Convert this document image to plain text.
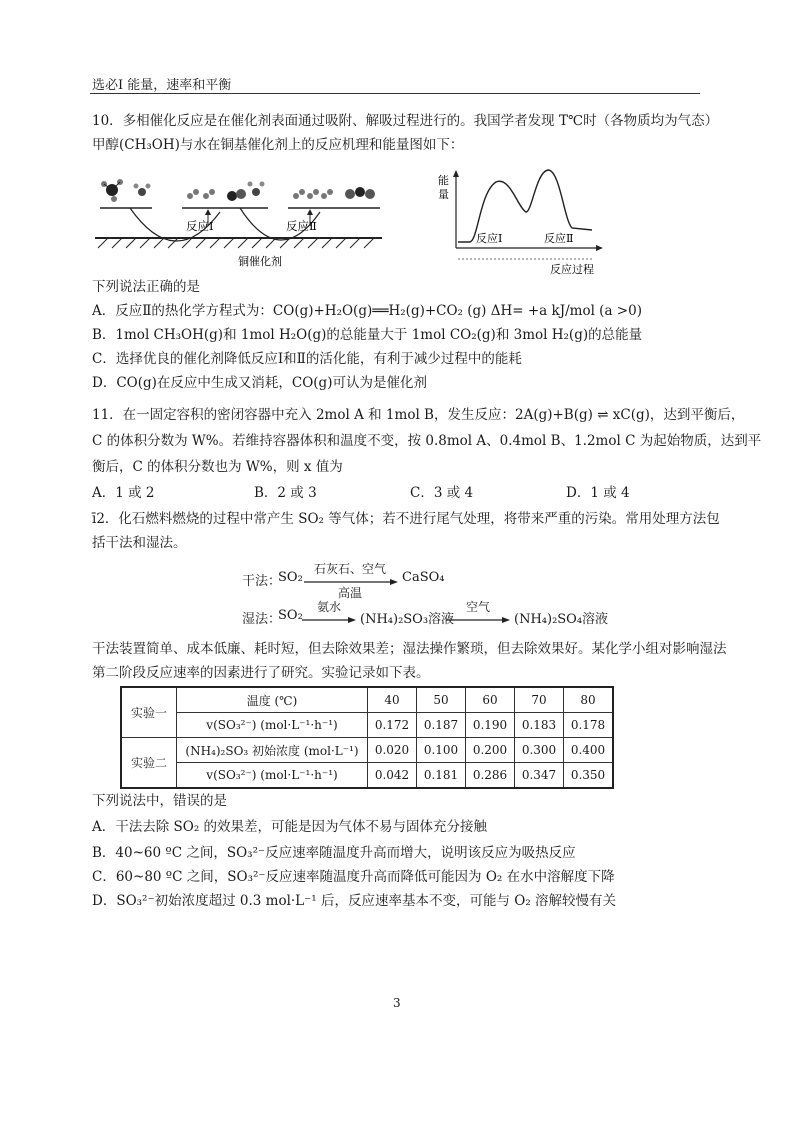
选必Ⅰ 能量，速率和平衡
10．多相催化反应是在催化剂表面通过吸附、解吸过程进行的。我国学者发现 T℃时（各物质均为气态）
甲醇(CH₃OH)与水在铜基催化剂上的反应机理和能量图如下：
反应Ⅰ	反应Ⅱ
铜催化剂
能
量
反应Ⅰ	反应Ⅱ
反应过程
下列说法正确的是
A．反应Ⅱ的热化学方程式为：CO(g)+H₂O(g)══H₂(g)+CO₂ (g) ΔH= +a kJ/mol (a >0)
B．1mol CH₃OH(g)和 1mol H₂O(g)的总能量大于 1mol CO₂(g)和 3mol H₂(g)的总能量
C．选择优良的催化剂降低反应Ⅰ和Ⅱ的活化能，有利于减少过程中的能耗
D．CO(g)在反应中生成又消耗，CO(g)可认为是催化剂
11．在一固定容积的密闭容器中充入 2mol A 和 1mol B，发生反应：2A(g)+B(g) ⇌ xC(g)，达到平衡后，
C 的体积分数为 W%。若维持容器体积和温度不变，按 0.8mol A、0.4mol B、1.2mol C 为起始物质，达到平
衡后，C 的体积分数也为 W%，则 x 值为
A．1 或 2	B．2 或 3	C．3 或 4	D．1 或 4
ī2．化石燃料燃烧的过程中常产生 SO₂ 等气体；若不进行尾气处理，将带来严重的污染。常用处理方法包
括干法和湿法。
干法：
SO₂
石灰石、空气
高温
CaSO₄
湿法：
SO₂
氨水
(NH₄)₂SO₃溶液
空气
(NH₄)₂SO₄溶液
干法装置简单、成本低廉、耗时短，但去除效果差；湿法操作繁琐，但去除效果好。某化学小组对影响湿法
第二阶段反应速率的因素进行了研究。实验记录如下表。
实验一	温度 (℃)	40	50	60	70	80
	v(SO₃²⁻) (mol·L⁻¹·h⁻¹)	0.172	0.187	0.190	0.183	0.178
实验二	(NH₄)₂SO₃ 初始浓度 (mol·L⁻¹)	0.020	0.100	0.200	0.300	0.400
	v(SO₃²⁻) (mol·L⁻¹·h⁻¹)	0.042	0.181	0.286	0.347	0.350
下列说法中，错误的是
A．干法去除 SO₂ 的效果差，可能是因为气体不易与固体充分接触
B．40~60 ºC 之间，SO₃²⁻反应速率随温度升高而增大，说明该反应为吸热反应
C．60~80 ºC 之间，SO₃²⁻反应速率随温度升高而降低可能因为 O₂ 在水中溶解度下降
D．SO₃²⁻初始浓度超过 0.3 mol·L⁻¹ 后，反应速率基本不变，可能与 O₂ 溶解较慢有关
3
